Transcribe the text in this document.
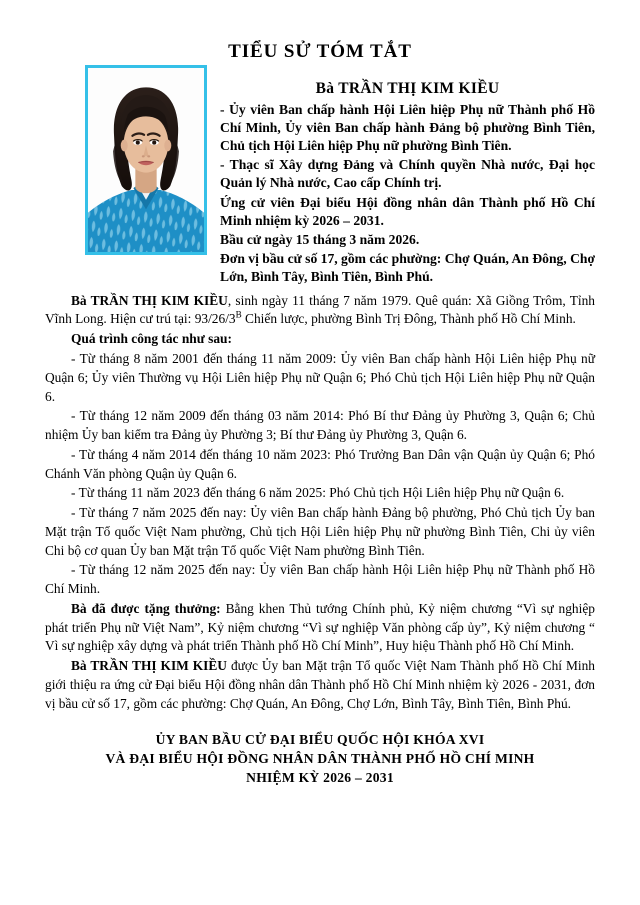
TIỂU SỬ TÓM TẮT

Bà TRẦN THỊ KIM KIỀU

- Ủy viên Ban chấp hành Hội Liên hiệp Phụ nữ Thành phố Hồ Chí Minh, Ủy viên Ban chấp hành Đảng bộ phường Bình Tiên, Chủ tịch Hội Liên hiệp Phụ nữ phường Bình Tiên.

- Thạc sĩ Xây dựng Đảng và Chính quyền Nhà nước, Đại học Quản lý Nhà nước, Cao cấp Chính trị.

Ứng cử viên Đại biểu Hội đồng nhân dân Thành phố Hồ Chí Minh nhiệm kỳ 2026 – 2031.

Bầu cử ngày 15 tháng 3 năm 2026.

Đơn vị bầu cử số 17, gồm các phường: Chợ Quán, An Đông, Chợ Lớn, Bình Tây, Bình Tiên, Bình Phú.

Bà TRẦN THỊ KIM KIỀU, sinh ngày 11 tháng 7 năm 1979. Quê quán: Xã Giồng Trôm, Tỉnh Vĩnh Long. Hiện cư trú tại: $93/26/3^B$ Chiến lược, phường Bình Trị Đông, Thành phố Hồ Chí Minh.

Quá trình công tác như sau:

- Từ tháng 8 năm 2001 đến tháng 11 năm 2009: Ủy viên Ban chấp hành Hội Liên hiệp Phụ nữ Quận 6; Ủy viên Thường vụ Hội Liên hiệp Phụ nữ Quận 6; Phó Chủ tịch Hội Liên hiệp Phụ nữ Quận 6.

- Từ tháng 12 năm 2009 đến tháng 03 năm 2014: Phó Bí thư Đảng ủy Phường 3, Quận 6; Chủ nhiệm Ủy ban kiểm tra Đảng ủy Phường 3; Bí thư Đảng ủy Phường 3, Quận 6.

- Từ tháng 4 năm 2014 đến tháng 10 năm 2023: Phó Trưởng Ban Dân vận Quận ủy Quận 6; Phó Chánh Văn phòng Quận ủy Quận 6.

- Từ tháng 11 năm 2023 đến tháng 6 năm 2025: Phó Chủ tịch Hội Liên hiệp Phụ nữ Quận 6.

- Từ tháng 7 năm 2025 đến nay: Ủy viên Ban chấp hành Đảng bộ phường, Phó Chủ tịch Ủy ban Mặt trận Tổ quốc Việt Nam phường, Chủ tịch Hội Liên hiệp Phụ nữ phường Bình Tiên, Chi ủy viên Chi bộ cơ quan Ủy ban Mặt trận Tổ quốc Việt Nam phường Bình Tiên.

- Từ tháng 12 năm 2025 đến nay: Ủy viên Ban chấp hành Hội Liên hiệp Phụ nữ Thành phố Hồ Chí Minh.

Bà đã được tặng thưởng: Bằng khen Thủ tướng Chính phủ, Kỷ niệm chương “Vì sự nghiệp phát triển Phụ nữ Việt Nam”, Kỷ niệm chương “Vì sự nghiệp Văn phòng cấp ủy”, Kỷ niệm chương “ Vì sự nghiệp xây dựng và phát triển Thành phố Hồ Chí Minh”, Huy hiệu Thành phố Hồ Chí Minh.

Bà TRẦN THỊ KIM KIỀU được Ủy ban Mặt trận Tổ quốc Việt Nam Thành phố Hồ Chí Minh giới thiệu ra ứng cử Đại biểu Hội đồng nhân dân Thành phố Hồ Chí Minh nhiệm kỳ 2026 - 2031, đơn vị bầu cử số 17, gồm các phường: Chợ Quán, An Đông, Chợ Lớn, Bình Tây, Bình Tiên, Bình Phú.

ỦY BAN BẦU CỬ ĐẠI BIỂU QUỐC HỘI KHÓA XVI
VÀ ĐẠI BIỂU HỘI ĐỒNG NHÂN DÂN THÀNH PHỐ HỒ CHÍ MINH
NHIỆM KỲ 2026 – 2031
